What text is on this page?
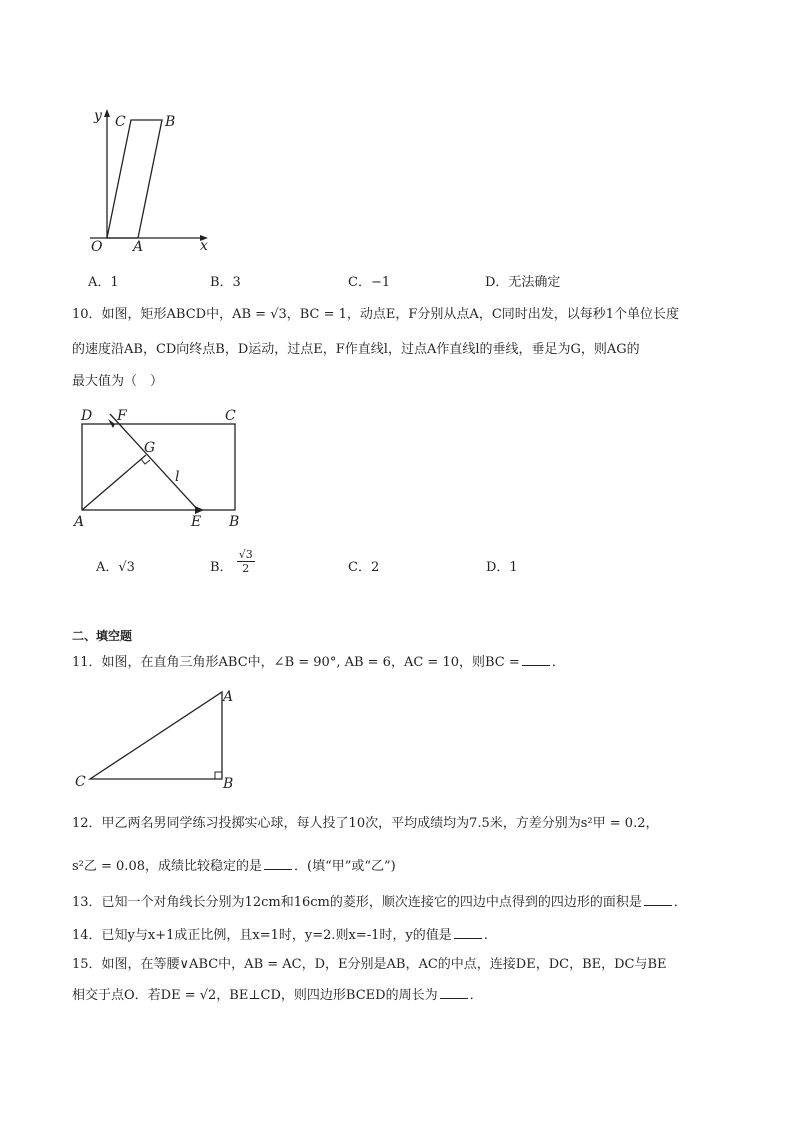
y C	B
O A	x
A．1	B．3	C．−1	D．无法确定
10．如图，矩形ABCD中，AB = √3，BC = 1，动点E，F分别从点A，C同时出发，以每秒1个单位长度
的速度沿AB，CD向终点B，D运动，过点E，F作直线l，过点A作直线l的垂线，垂足为G，则AG的
最大值为（　）
D F	C
G
l
A	E B
A．√3	B． $\frac{√3}{2}$	C．2	D．1
二、填空题
11．如图，在直角三角形ABC中，∠B = 90°, AB = 6，AC = 10，则BC = ．
A
C	B
12．甲乙两名男同学练习投掷实心球，每人投了10次，平均成绩均为7.5米，方差分别为s²甲 = 0.2，
s²乙 = 0.08，成绩比较稳定的是 ．(填“甲”或“乙”)
13．已知一个对角线长分别为12cm和16cm的菱形，顺次连接它的四边中点得到的四边形的面积是 ．
14．已知y与x+1成正比例，且x=1时，y=2.则x=-1时，y的值是 .
15．如图，在等腰∨ABC中，AB = AC，D，E分别是AB，AC的中点，连接DE，DC，BE，DC与BE
相交于点O．若DE = √2，BE⊥CD，则四边形BCED的周长为 ．
